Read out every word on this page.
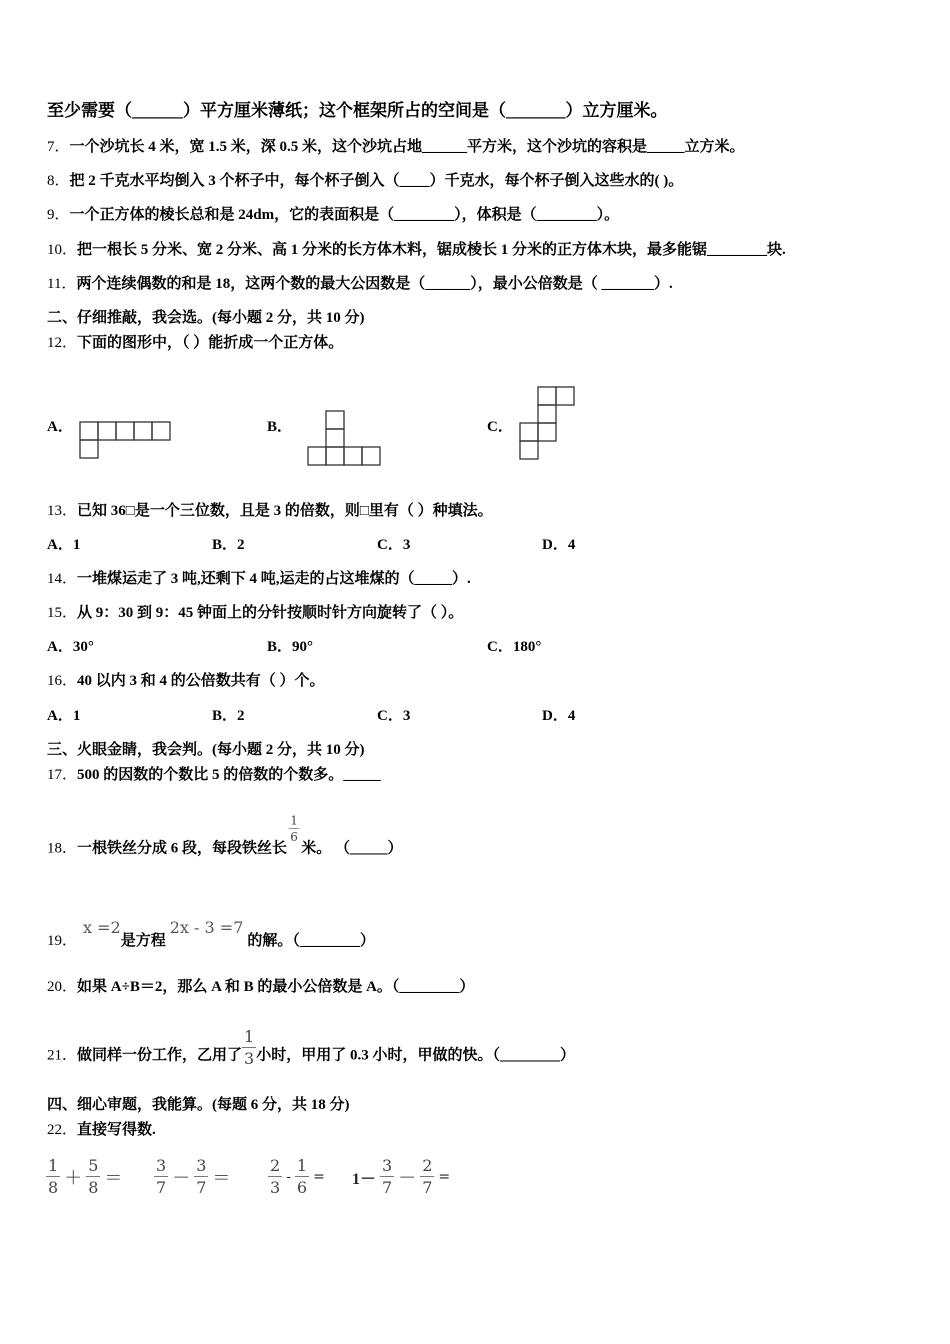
至少需要（______）平方厘米薄纸；这个框架所占的空间是（_______）立方厘米。
7．一个沙坑长 4 米，宽 1.5 米，深 0.5 米，这个沙坑占地______平方米，这个沙坑的容积是_____立方米。
8．把 2 千克水平均倒入 3 个杯子中，每个杯子倒入（____）千克水，每个杯子倒入这些水的( )。
9．一个正方体的棱长总和是 24dm，它的表面积是（________），体积是（________）。
10．把一根长 5 分米、宽 2 分米、高 1 分米的长方体木料，锯成棱长 1 分米的正方体木块，最多能锯________块.
11．两个连续偶数的和是 18，这两个数的最大公因数是（______），最小公倍数是（ _______）.
二、仔细推敲，我会选。(每小题 2 分，共 10 分)
12．下面的图形中，（ ）能折成一个正方体。
A．	B．	C．
13．已知 36□是一个三位数，且是 3 的倍数，则□里有（ ）种填法。
A．1	B．2	C．3	D．4
14．一堆煤运走了 3 吨,还剩下 4 吨,运走的占这堆煤的（_____）.
15．从 9：30 到 9：45 钟面上的分针按顺时针方向旋转了（ ）。
A．30°	B．90°	C．180°
16．40 以内 3 和 4 的公倍数共有（ ）个。
A．1	B．2	C．3	D．4
三、火眼金睛，我会判。(每小题 2 分，共 10 分)
17．500 的因数的个数比 5 的倍数的个数多。_____
18．一根铁丝分成 6 段，每段铁丝长
$\frac{1}{6}$
米。 （_____）
19．x =2是方程2x - 3 =7的解。（________）
20．如果 A÷B＝2，那么 A 和 B 的最小公倍数是 A。（________）
21．做同样一份工作，乙用了 $\frac{1}{3}$ 小时，甲用了 0.3 小时，甲做的快。（________）
四、细心审题，我能算。(每题 6 分，共 18 分)
22．直接写得数.
$\frac{1}{8} + \frac{5}{8} = \frac{3}{7} - \frac{3}{7} = \frac{2}{3} - \frac{1}{6} = 1- \frac{3}{7} - \frac{2}{7}$ =
